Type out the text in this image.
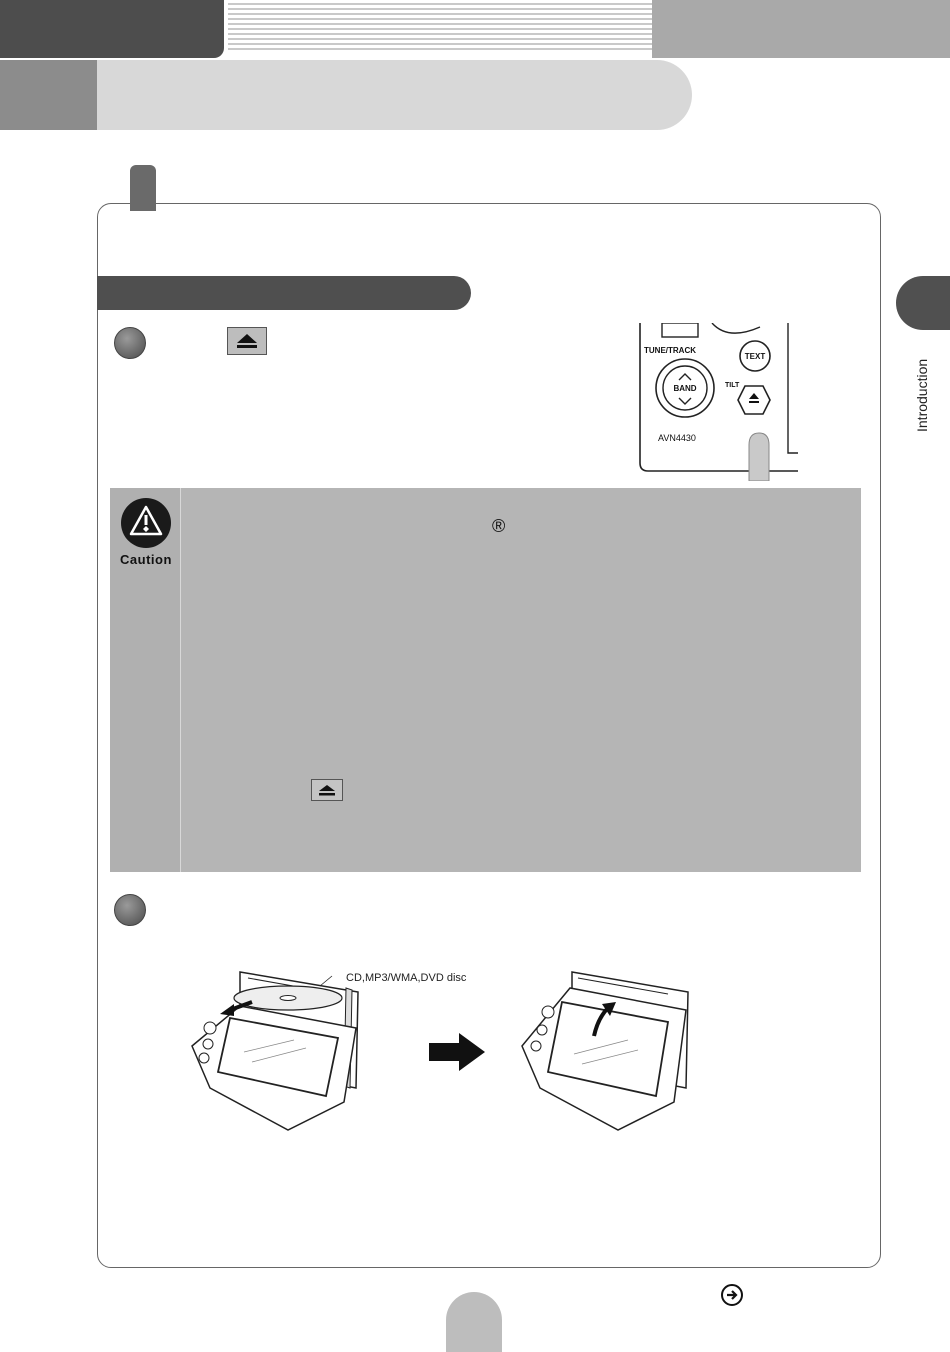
Introduction
TUNE/TRACK
TEXT
BAND	TILT
AVN4430
Caution
®
CD,MP3/WMA,DVD disc
